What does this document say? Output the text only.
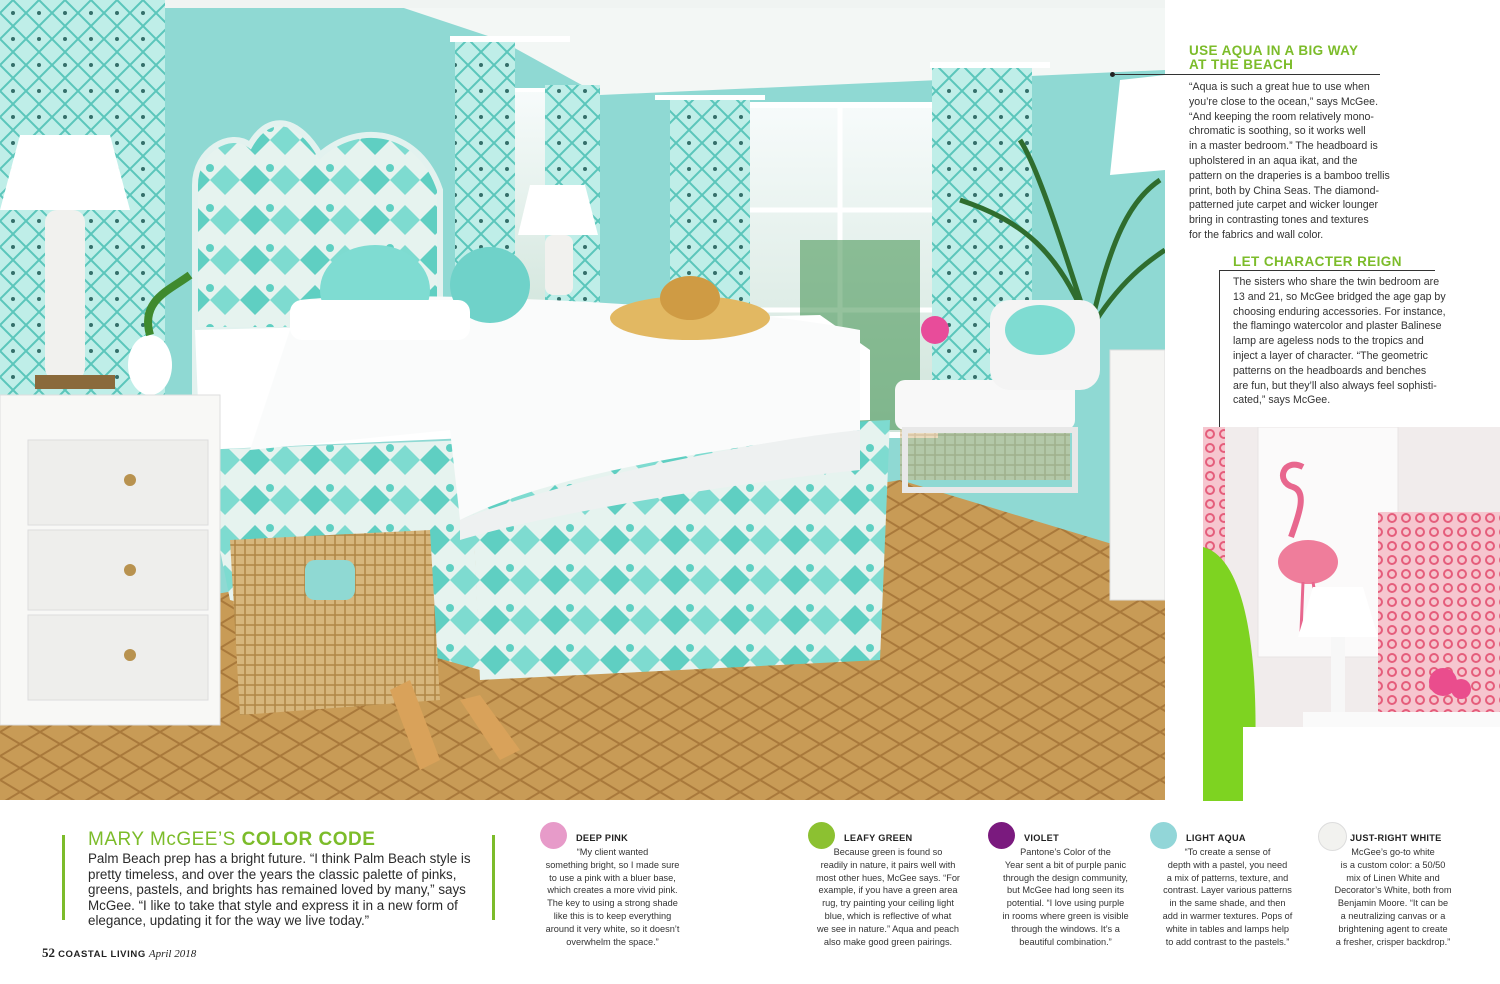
USE AQUA IN A BIG WAY
AT THE BEACH
“Aqua is such a great hue to use when
you’re close to the ocean,” says McGee.
“And keeping the room relatively mono-
chromatic is soothing, so it works well
in a master bedroom.” The headboard is
upholstered in an aqua ikat, and the
pattern on the draperies is a bamboo trellis
print, both by China Seas. The diamond-
patterned jute carpet and wicker lounger
bring in contrasting tones and textures
for the fabrics and wall color.
LET CHARACTER REIGN
The sisters who share the twin bedroom are
13 and 21, so McGee bridged the age gap by
choosing enduring accessories. For instance,
the flamingo watercolor and plaster Balinese
lamp are ageless nods to the tropics and
inject a layer of character. “The geometric
patterns on the headboards and benches
are fun, but they’ll also always feel sophisti-
cated,” says McGee.
MARY McGEE’S COLOR CODE
Palm Beach prep has a bright future. “I think Palm Beach style is
pretty timeless, and over the years the classic palette of pinks,
greens, pastels, and brights has remained loved by many,” says
McGee. “I like to take that style and express it in a new form of
elegance, updating it for the way we live today.”
DEEP PINK
“My client wanted
something bright, so I made sure
to use a pink with a bluer base,
which creates a more vivid pink.
The key to using a strong shade
like this is to keep everything
around it very white, so it doesn’t
overwhelm the space.”
LEAFY GREEN
Because green is found so
readily in nature, it pairs well with
most other hues, McGee says. “For
example, if you have a green area
rug, try painting your ceiling light
blue, which is reflective of what
we see in nature.” Aqua and peach
also make good green pairings.
VIOLET
Pantone’s Color of the
Year sent a bit of purple panic
through the design community,
but McGee had long seen its
potential. “I love using purple
in rooms where green is visible
through the windows. It’s a
beautiful combination.”
LIGHT AQUA
“To create a sense of
depth with a pastel, you need
a mix of patterns, texture, and
contrast. Layer various patterns
in the same shade, and then
add in warmer textures. Pops of
white in tables and lamps help
to add contrast to the pastels.”
JUST-RIGHT WHITE
McGee’s go-to white
is a custom color: a 50/50
mix of Linen White and
Decorator’s White, both from
Benjamin Moore. “It can be
a neutralizing canvas or a
brightening agent to create
a fresher, crisper backdrop.”
52 COASTAL LIVING April 2018
